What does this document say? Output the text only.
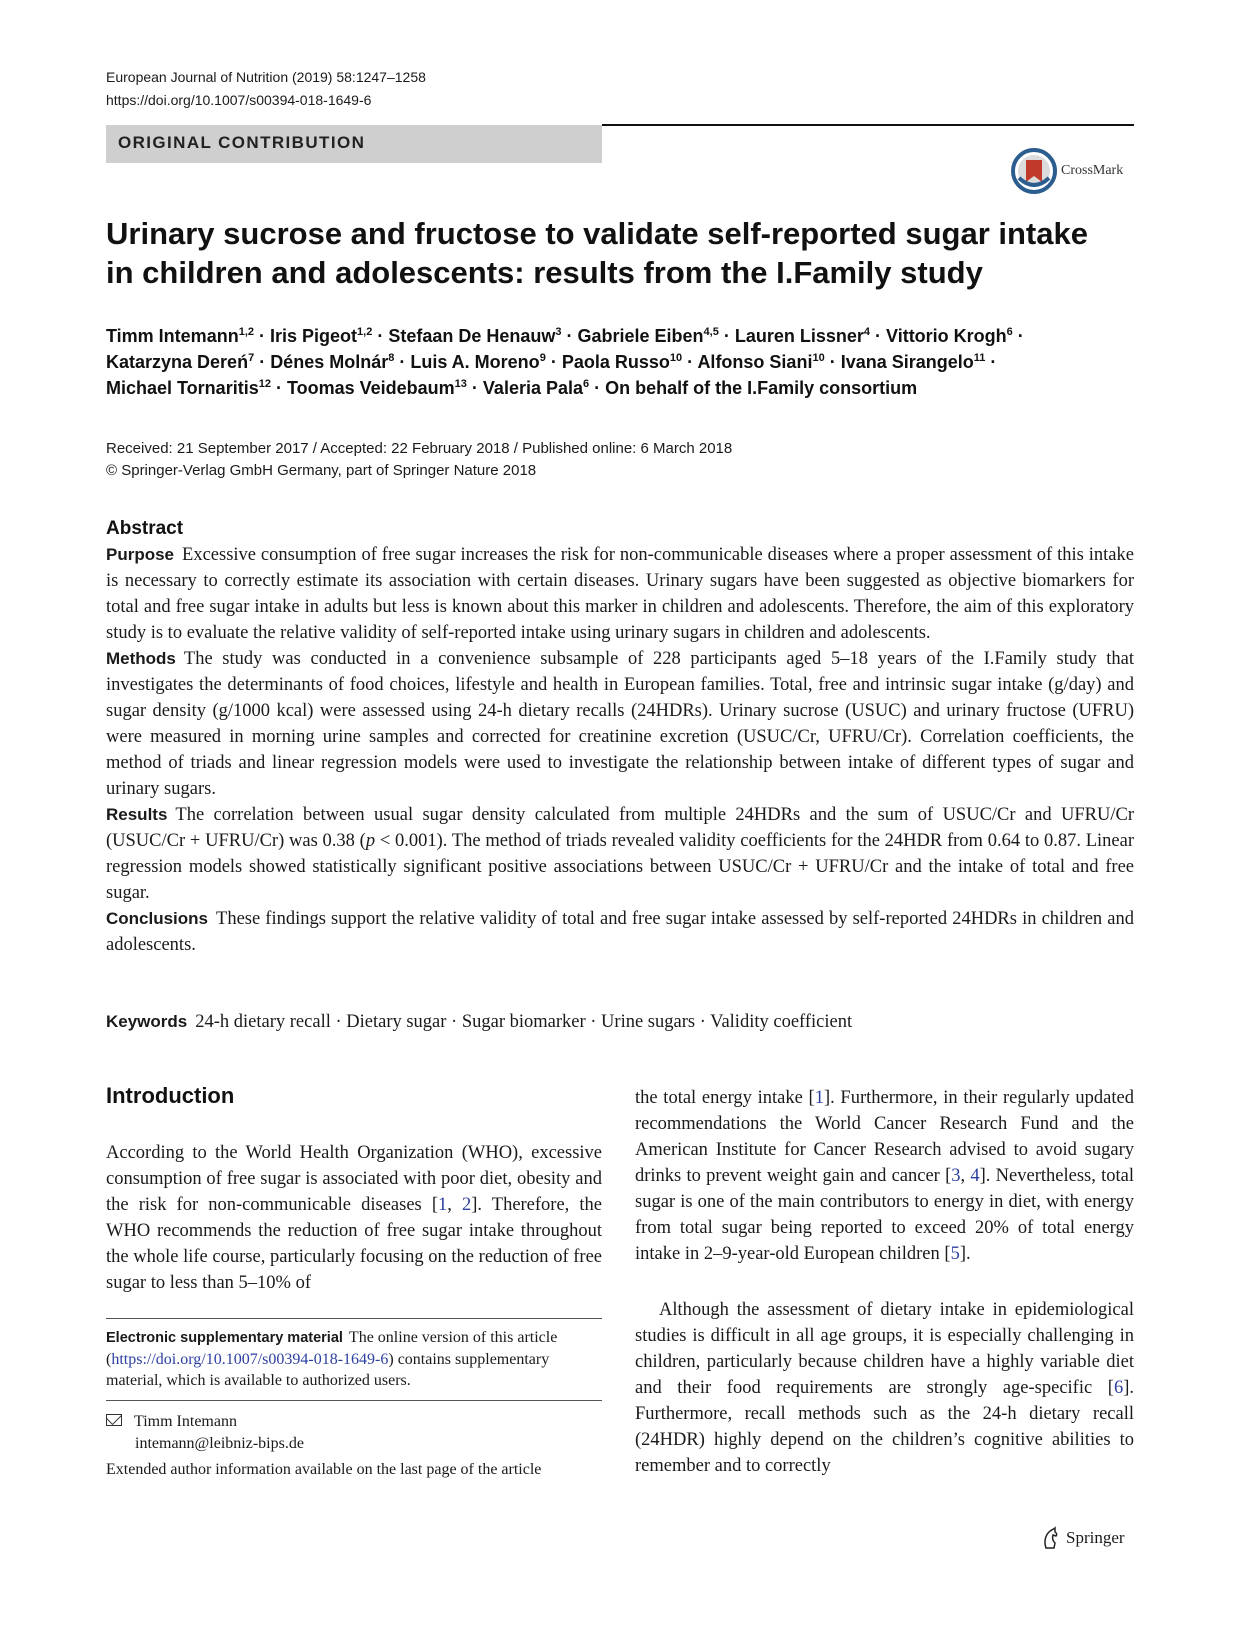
European Journal of Nutrition (2019) 58:1247–1258
https://doi.org/10.1007/s00394-018-1649-6
ORIGINAL CONTRIBUTION
CrossMark
Urinary sucrose and fructose to validate self-reported sugar intake
in children and adolescents: results from the I.Family study
Timm Intemann$^{1,2}$ · Iris Pigeot$^{1,2}$ · Stefaan De Henauw$^3$ · Gabriele Eiben$^{4,5}$ · Lauren Lissner$^4$ · Vittorio Krogh$^6$ ·
Katarzyna Dereń$^7$ · Dénes Molnár$^8$ · Luis A. Moreno$^9$ · Paola Russo$^{10}$ · Alfonso Siani$^{10}$ · Ivana Sirangelo$^{11}$ ·
Michael Tornaritis$^{12}$ · Toomas Veidebaum$^{13}$ · Valeria Pala$^6$ · On behalf of the I.Family consortium
Received: 21 September 2017 / Accepted: 22 February 2018 / Published online: 6 March 2018
© Springer-Verlag GmbH Germany, part of Springer Nature 2018
Abstract

Purpose Excessive consumption of free sugar increases the risk for non-communicable diseases where a proper assessment of this intake is necessary to correctly estimate its association with certain diseases. Urinary sugars have been suggested as objective biomarkers for total and free sugar intake in adults but less is known about this marker in children and adolescents. Therefore, the aim of this exploratory study is to evaluate the relative validity of self-reported intake using urinary sugars in children and adolescents.

Methods The study was conducted in a convenience subsample of 228 participants aged 5–18 years of the I.Family study that investigates the determinants of food choices, lifestyle and health in European families. Total, free and intrinsic sugar intake (g/day) and sugar density (g/1000 kcal) were assessed using 24-h dietary recalls (24HDRs). Urinary sucrose (USUC) and urinary fructose (UFRU) were measured in morning urine samples and corrected for creatinine excretion (USUC/Cr, UFRU/Cr). Correlation coefficients, the method of triads and linear regression models were used to investigate the relationship between intake of different types of sugar and urinary sugars.

Results The correlation between usual sugar density calculated from multiple 24HDRs and the sum of USUC/Cr and UFRU/Cr (USUC/Cr + UFRU/Cr) was 0.38 (p < 0.001). The method of triads revealed validity coefficients for the 24HDR from 0.64 to 0.87. Linear regression models showed statistically significant positive associations between USUC/Cr + UFRU/Cr and the intake of total and free sugar.

Conclusions These findings support the relative validity of total and free sugar intake assessed by self-reported 24HDRs in children and adolescents.

Keywords 24-h dietary recall · Dietary sugar · Sugar biomarker · Urine sugars · Validity coefficient
Introduction

According to the World Health Organization (WHO), excessive consumption of free sugar is associated with poor diet, obesity and the risk for non-communicable diseases [1, 2]. Therefore, the WHO recommends the reduction of free sugar intake throughout the whole life course, particularly focusing on the reduction of free sugar to less than 5–10% of

Electronic supplementary material The online version of this article (https://doi.org/10.1007/s00394-018-1649-6) contains supplementary material, which is available to authorized users.
Timm Intemann
intemann@leibniz-bips.de
Extended author information available on the last page of the article

the total energy intake [1]. Furthermore, in their regularly updated recommendations the World Cancer Research Fund and the American Institute for Cancer Research advised to avoid sugary drinks to prevent weight gain and cancer [3, 4]. Nevertheless, total sugar is one of the main contributors to energy in diet, with energy from total sugar being reported to exceed 20% of total energy intake in 2–9-year-old European children [5].

Although the assessment of dietary intake in epidemiological studies is difficult in all age groups, it is especially challenging in children, particularly because children have a highly variable diet and their food requirements are strongly age-specific [6]. Furthermore, recall methods such as the 24-h dietary recall (24HDR) highly depend on the children’s cognitive abilities to remember and to correctly

Springer
